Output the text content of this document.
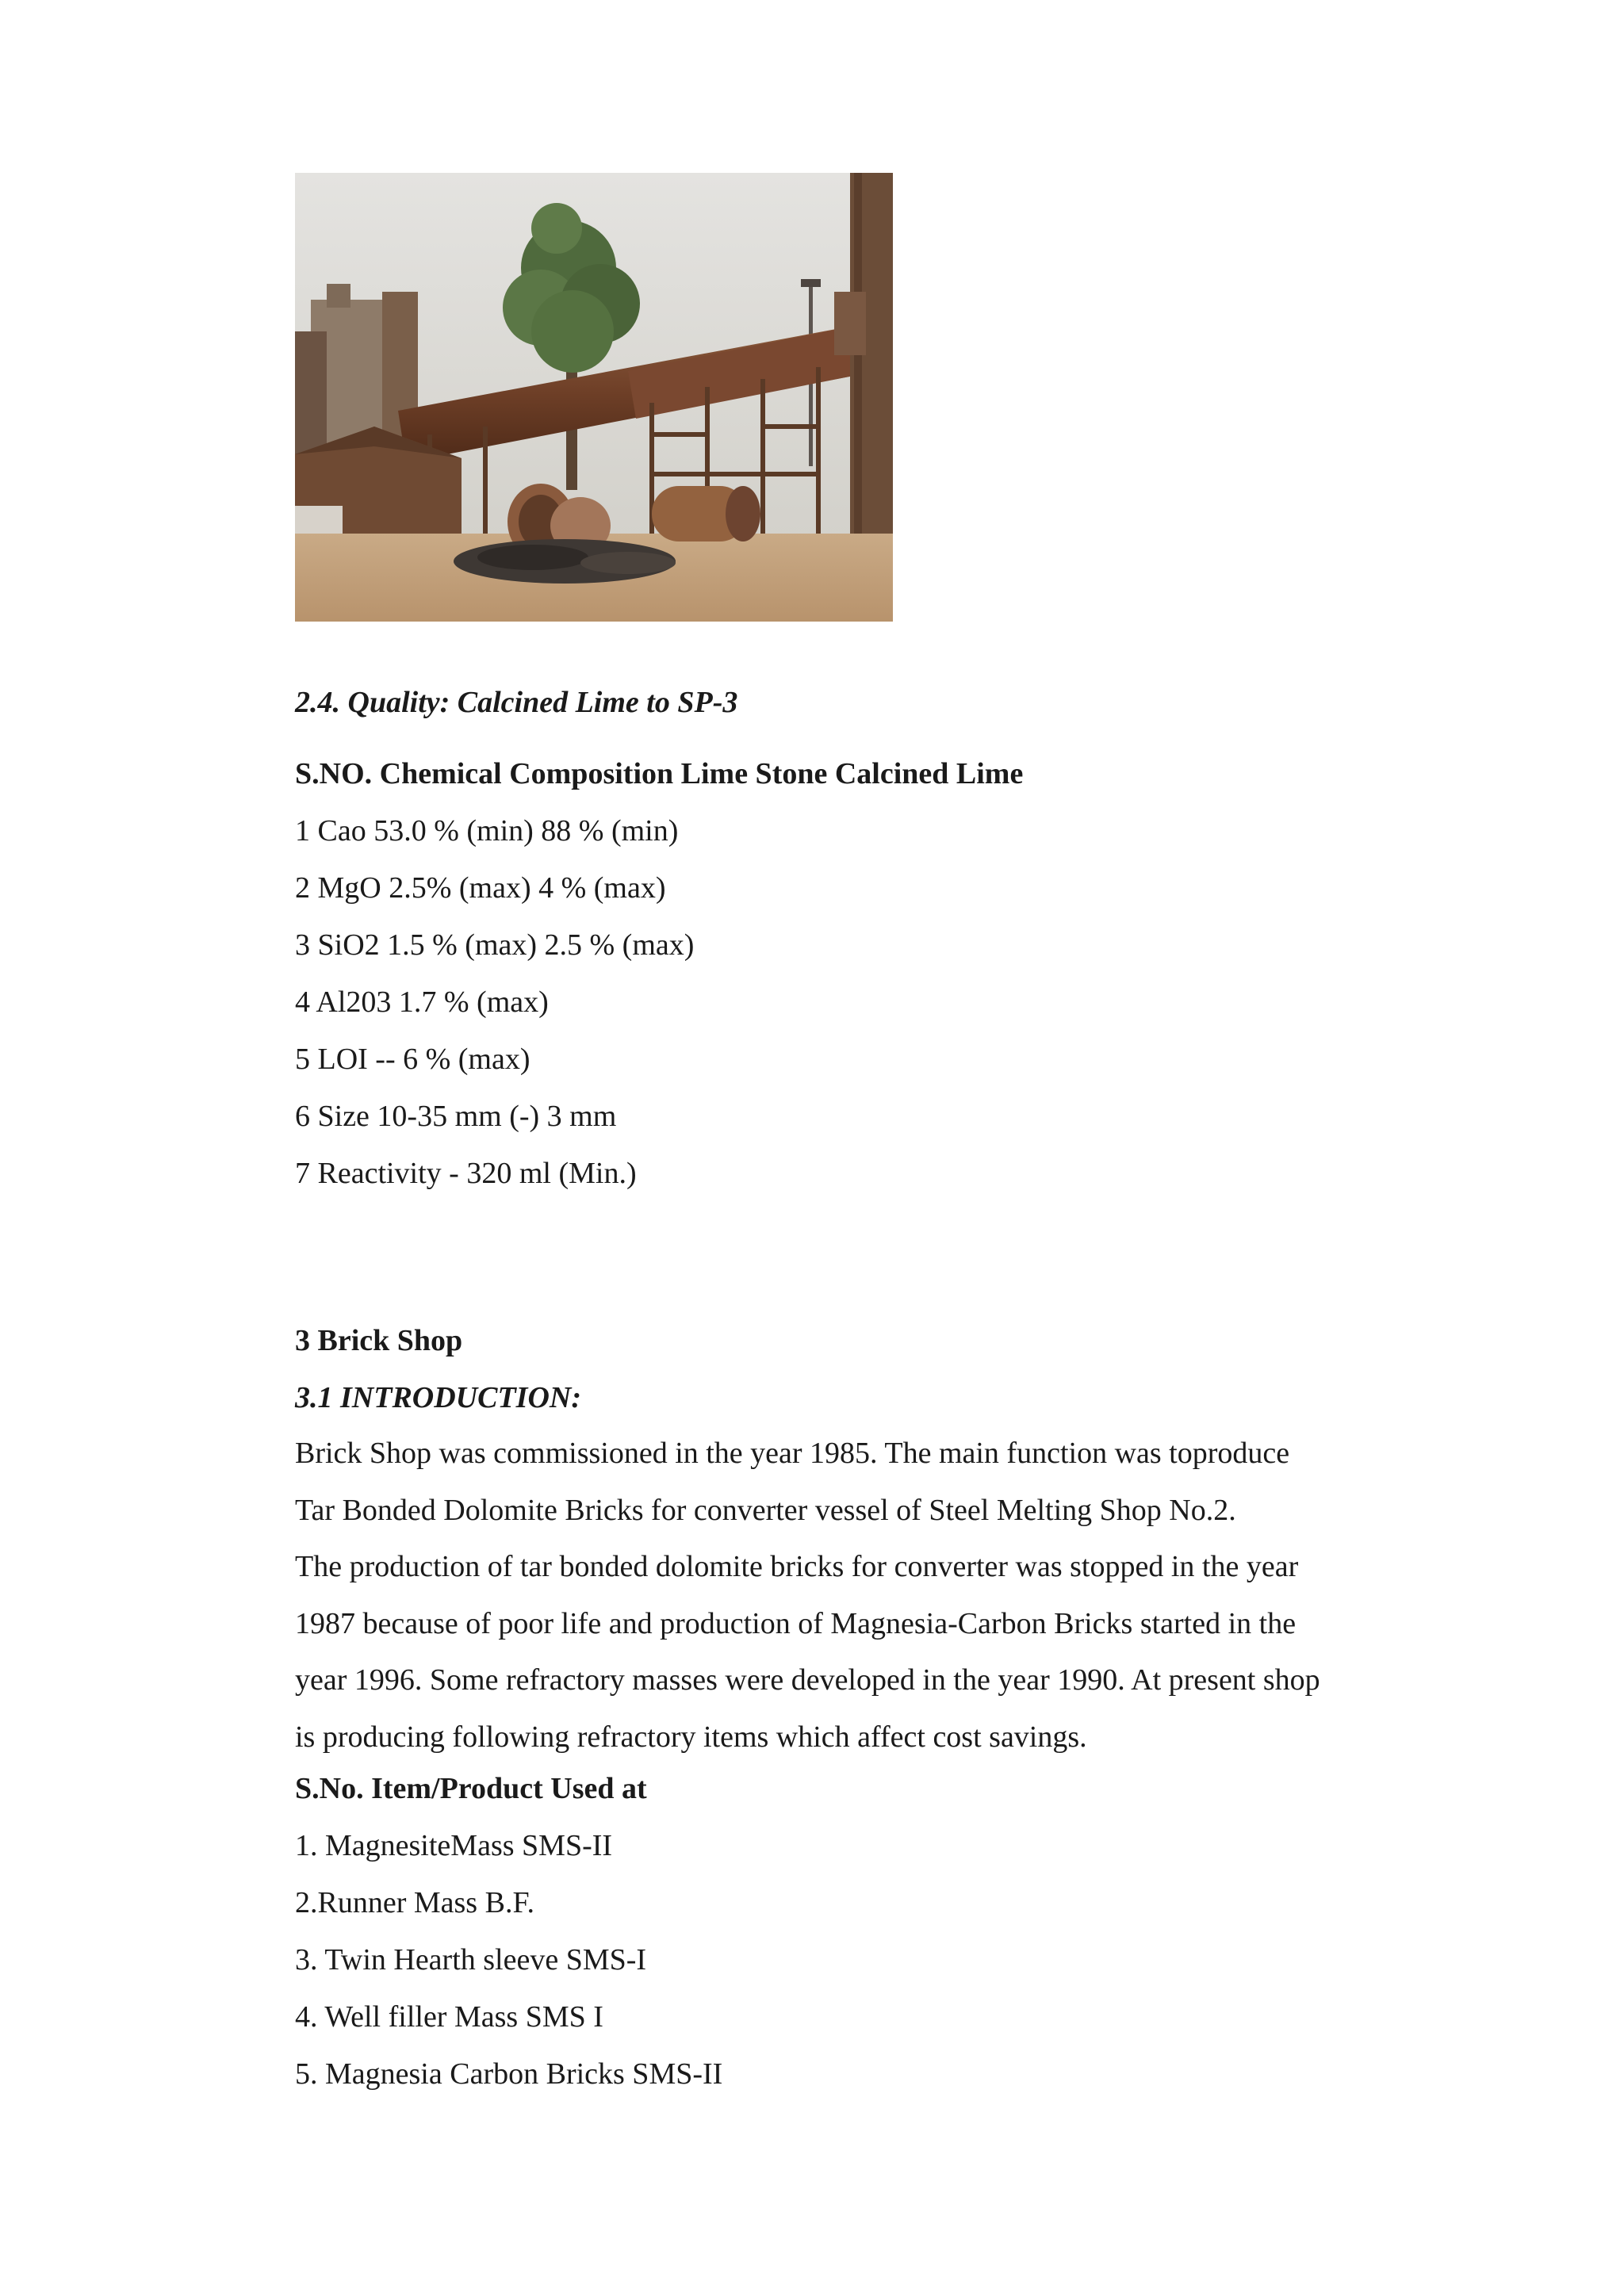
2.4. Quality: Calcined Lime to SP-3
S.NO. Chemical Composition Lime Stone Calcined Lime
1 Cao 53.0 % (min) 88 % (min)
2 MgO 2.5% (max) 4 % (max)
3 SiO2 1.5 % (max) 2.5 % (max)
4 Al203 1.7 % (max)
5 LOI -- 6 % (max)
6 Size 10-35 mm (-) 3 mm
7 Reactivity - 320 ml (Min.)
3 Brick Shop
3.1 INTRODUCTION:
Brick Shop was commissioned in the year 1985. The main function was toproduce
Tar Bonded Dolomite Bricks for converter vessel of Steel Melting Shop No.2.
The production of tar bonded dolomite bricks for converter was stopped in the year
1987 because of poor life and production of Magnesia-Carbon Bricks started in the
year 1996. Some refractory masses were developed in the year 1990. At present shop
is producing following refractory items which affect cost savings.
S.No. Item/Product Used at
1. MagnesiteMass SMS-II
2.Runner Mass B.F.
3. Twin Hearth sleeve SMS-I
4. Well filler Mass SMS I
5. Magnesia Carbon Bricks SMS-II
